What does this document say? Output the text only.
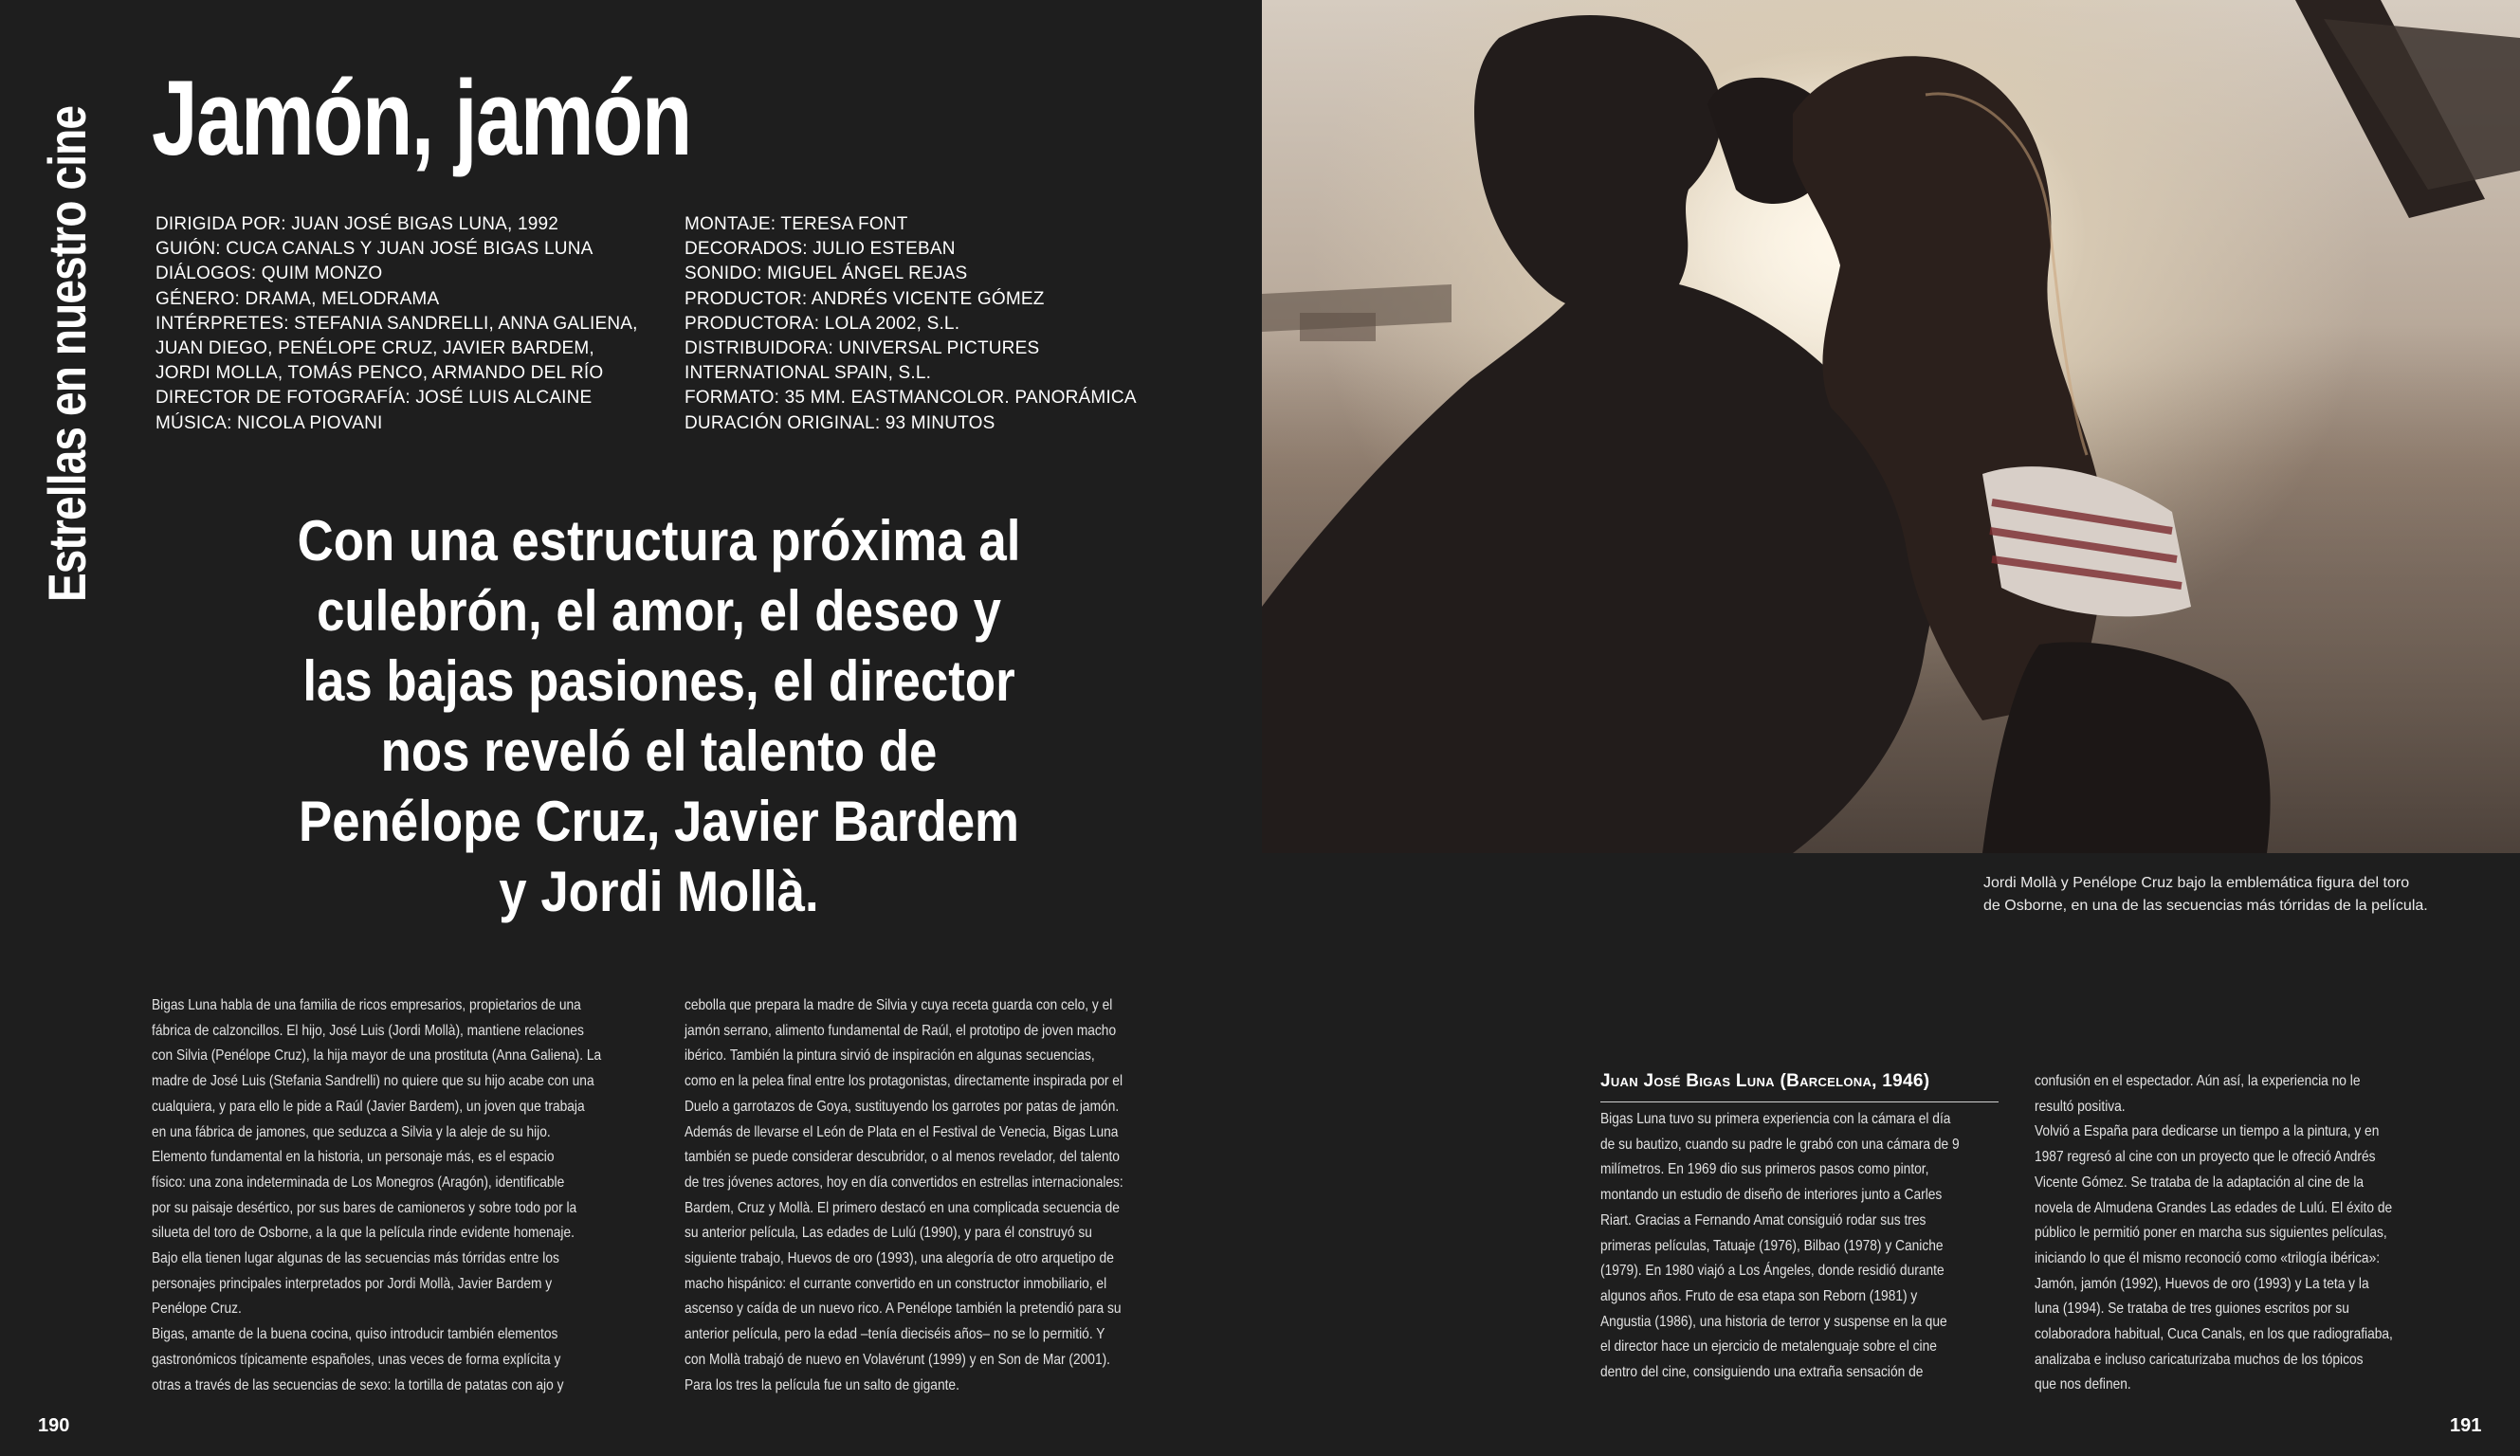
Estrellas en nuestro cine Jamón, jamón
DIRIGIDA POR: JUAN JOSÉ BIGAS LUNA, 1992
GUIÓN: CUCA CANALS Y JUAN JOSÉ BIGAS LUNA
DIÁLOGOS: QUIM MONZO
GÉNERO: DRAMA, MELODRAMA
INTÉRPRETES: STEFANIA SANDRELLI, ANNA GALIENA,
JUAN DIEGO, PENÉLOPE CRUZ, JAVIER BARDEM,
JORDI MOLLA, TOMÁS PENCO, ARMANDO DEL RÍO
DIRECTOR DE FOTOGRAFÍA: JOSÉ LUIS ALCAINE
MÚSICA: NICOLA PIOVANI
MONTAJE: TERESA FONT
DECORADOS: JULIO ESTEBAN
SONIDO: MIGUEL ÁNGEL REJAS
PRODUCTOR: ANDRÉS VICENTE GÓMEZ
PRODUCTORA: LOLA 2002, S.L.
DISTRIBUIDORA: UNIVERSAL PICTURES
INTERNATIONAL SPAIN, S.L.
FORMATO: 35 MM. EASTMANCOLOR. PANORÁMICA
DURACIÓN ORIGINAL: 93 MINUTOS
Con una estructura próxima al
culebrón, el amor, el deseo y
las bajas pasiones, el director
nos reveló el talento de
Penélope Cruz, Javier Bardem
y Jordi Mollà.
Bigas Luna habla de una familia de ricos empresarios, propietarios de una
fábrica de calzoncillos. El hijo, José Luis (Jordi Mollà), mantiene relaciones
con Silvia (Penélope Cruz), la hija mayor de una prostituta (Anna Galiena). La
madre de José Luis (Stefania Sandrelli) no quiere que su hijo acabe con una
cualquiera, y para ello le pide a Raúl (Javier Bardem), un joven que trabaja
en una fábrica de jamones, que seduzca a Silvia y la aleje de su hijo.
Elemento fundamental en la historia, un personaje más, es el espacio
físico: una zona indeterminada de Los Monegros (Aragón), identificable
por su paisaje desértico, por sus bares de camioneros y sobre todo por la
silueta del toro de Osborne, a la que la película rinde evidente homenaje.
Bajo ella tienen lugar algunas de las secuencias más tórridas entre los
personajes principales interpretados por Jordi Mollà, Javier Bardem y
Penélope Cruz.
Bigas, amante de la buena cocina, quiso introducir también elementos
gastronómicos típicamente españoles, unas veces de forma explícita y
otras a través de las secuencias de sexo: la tortilla de patatas con ajo y
cebolla que prepara la madre de Silvia y cuya receta guarda con celo, y el
jamón serrano, alimento fundamental de Raúl, el prototipo de joven macho
ibérico. También la pintura sirvió de inspiración en algunas secuencias,
como en la pelea final entre los protagonistas, directamente inspirada por el
Duelo a garrotazos de Goya, sustituyendo los garrotes por patas de jamón.
Además de llevarse el León de Plata en el Festival de Venecia, Bigas Luna
también se puede considerar descubridor, o al menos revelador, del talento
de tres jóvenes actores, hoy en día convertidos en estrellas internacionales:
Bardem, Cruz y Mollà. El primero destacó en una complicada secuencia de
su anterior película, Las edades de Lulú (1990), y para él construyó su
siguiente trabajo, Huevos de oro (1993), una alegoría de otro arquetipo de
macho hispánico: el currante convertido en un constructor inmobiliario, el
ascenso y caída de un nuevo rico. A Penélope también la pretendió para su
anterior película, pero la edad –tenía dieciséis años– no se lo permitió. Y
con Mollà trabajó de nuevo en Volavérunt (1999) y en Son de Mar (2001).
Para los tres la película fue un salto de gigante.
190
Jordi Mollà y Penélope Cruz bajo la emblemática figura del toro
de Osborne, en una de las secuencias más tórridas de la película.
Juan José Bigas Luna (Barcelona, 1946)
Bigas Luna tuvo su primera experiencia con la cámara el día
de su bautizo, cuando su padre le grabó con una cámara de 9
milímetros. En 1969 dio sus primeros pasos como pintor,
montando un estudio de diseño de interiores junto a Carles
Riart. Gracias a Fernando Amat consiguió rodar sus tres
primeras películas, Tatuaje (1976), Bilbao (1978) y Caniche
(1979). En 1980 viajó a Los Ángeles, donde residió durante
algunos años. Fruto de esa etapa son Reborn (1981) y
Angustia (1986), una historia de terror y suspense en la que
el director hace un ejercicio de metalenguaje sobre el cine
dentro del cine, consiguiendo una extraña sensación de
confusión en el espectador. Aún así, la experiencia no le
resultó positiva.
Volvió a España para dedicarse un tiempo a la pintura, y en
1987 regresó al cine con un proyecto que le ofreció Andrés
Vicente Gómez. Se trataba de la adaptación al cine de la
novela de Almudena Grandes Las edades de Lulú. El éxito de
público le permitió poner en marcha sus siguientes películas,
iniciando lo que él mismo reconoció como «trilogía ibérica»:
Jamón, jamón (1992), Huevos de oro (1993) y La teta y la
luna (1994). Se trataba de tres guiones escritos por su
colaboradora habitual, Cuca Canals, en los que radiografiaba,
analizaba e incluso caricaturizaba muchos de los tópicos
que nos definen.
191
